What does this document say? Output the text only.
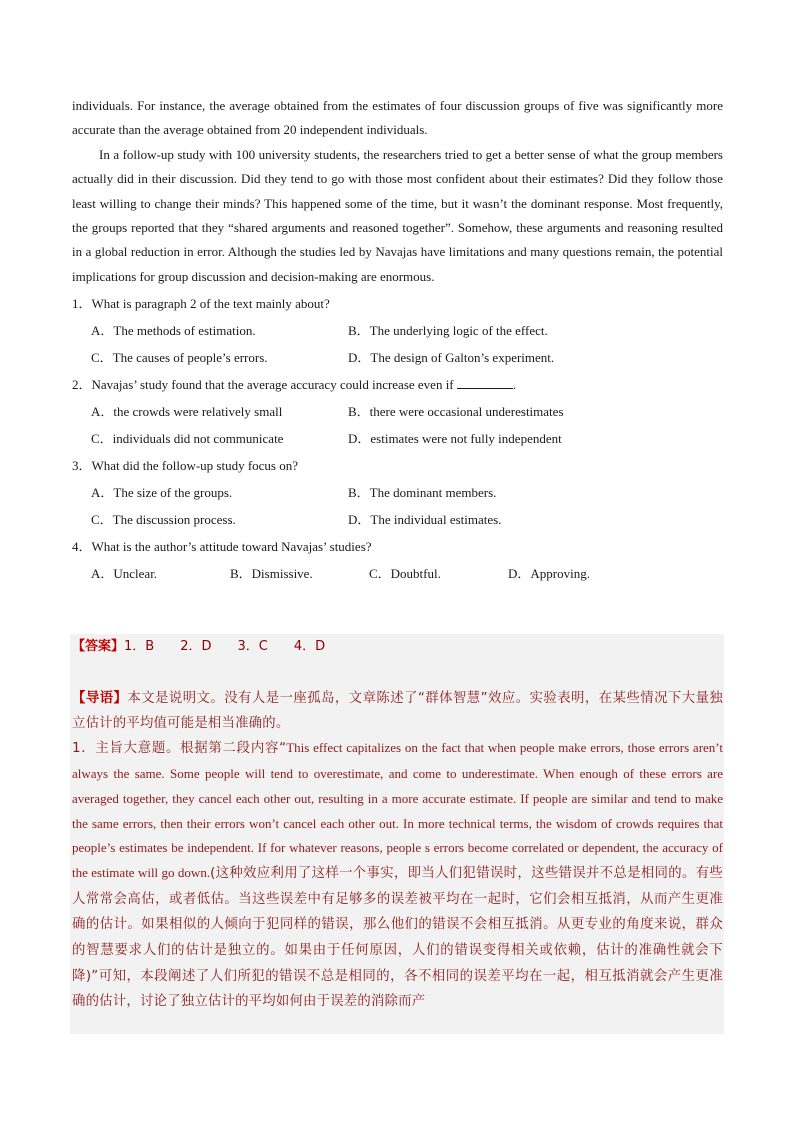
individuals. For instance, the average obtained from the estimates of four discussion groups of five was significantly more accurate than the average obtained from 20 independent individuals.

In a follow-up study with 100 university students, the researchers tried to get a better sense of what the group members actually did in their discussion. Did they tend to go with those most confident about their estimates? Did they follow those least willing to change their minds? This happened some of the time, but it wasn’t the dominant response. Most frequently, the groups reported that they “shared arguments and reasoned together”. Somehow, these arguments and reasoning resulted in a global reduction in error. Although the studies led by Navajas have limitations and many questions remain, the potential implications for group discussion and decision-making are enormous.

1．What is paragraph 2 of the text mainly about?

A．The methods of estimation.	B．The underlying logic of the effect.
C．The causes of people’s errors.	D．The design of Galton’s experiment.

2．Navajas’ study found that the average accuracy could increase even if	.

A．the crowds were relatively small	B．there were occasional underestimates
C．individuals did not communicate	D．estimates were not fully independent

3．What did the follow-up study focus on?

A．The size of the groups.	B．The dominant members.
C．The discussion process.	D．The individual estimates.

4．What is the author’s attitude toward Navajas’ studies?

A．Unclear.	B．Dismissive.	C．Doubtful.	D．Approving.
【答案】1．B 2．D 3．C 4．D

【导语】本文是说明文。没有人是一座孤岛，文章陈述了“群体智慧”效应。实验表明，在某些情况下大量独立估计的平均值可能是相当准确的。

1．主旨大意题。根据第二段内容“This effect capitalizes on the fact that when people make errors, those errors aren’t always the same. Some people will tend to overestimate, and come to underestimate. When enough of these errors are averaged together, they cancel each other out, resulting in a more accurate estimate. If people are similar and tend to make the same errors, then their errors won’t cancel each other out. In more technical terms, the wisdom of crowds requires that people’s estimates be independent. If for whatever reasons, people s errors become correlated or dependent, the accuracy of the estimate will go down.(这种效应利用了这样一个事实，即当人们犯错误时，这些错误并不总是相同的。有些人常常会高估，或者低估。当这些误差中有足够多的误差被平均在一起时，它们会相互抵消，从而产生更准确的估计。如果相似的人倾向于犯同样的错误，那么他们的错误不会相互抵消。从更专业的角度来说，群众的智慧要求人们的估计是独立的。如果由于任何原因，人们的错误变得相关或依赖，估计的准确性就会下降)”可知，本段阐述了人们所犯的错误不总是相同的，各不相同的误差平均在一起，相互抵消就会产生更准确的估计，讨论了独立估计的平均如何由于误差的消除而产
